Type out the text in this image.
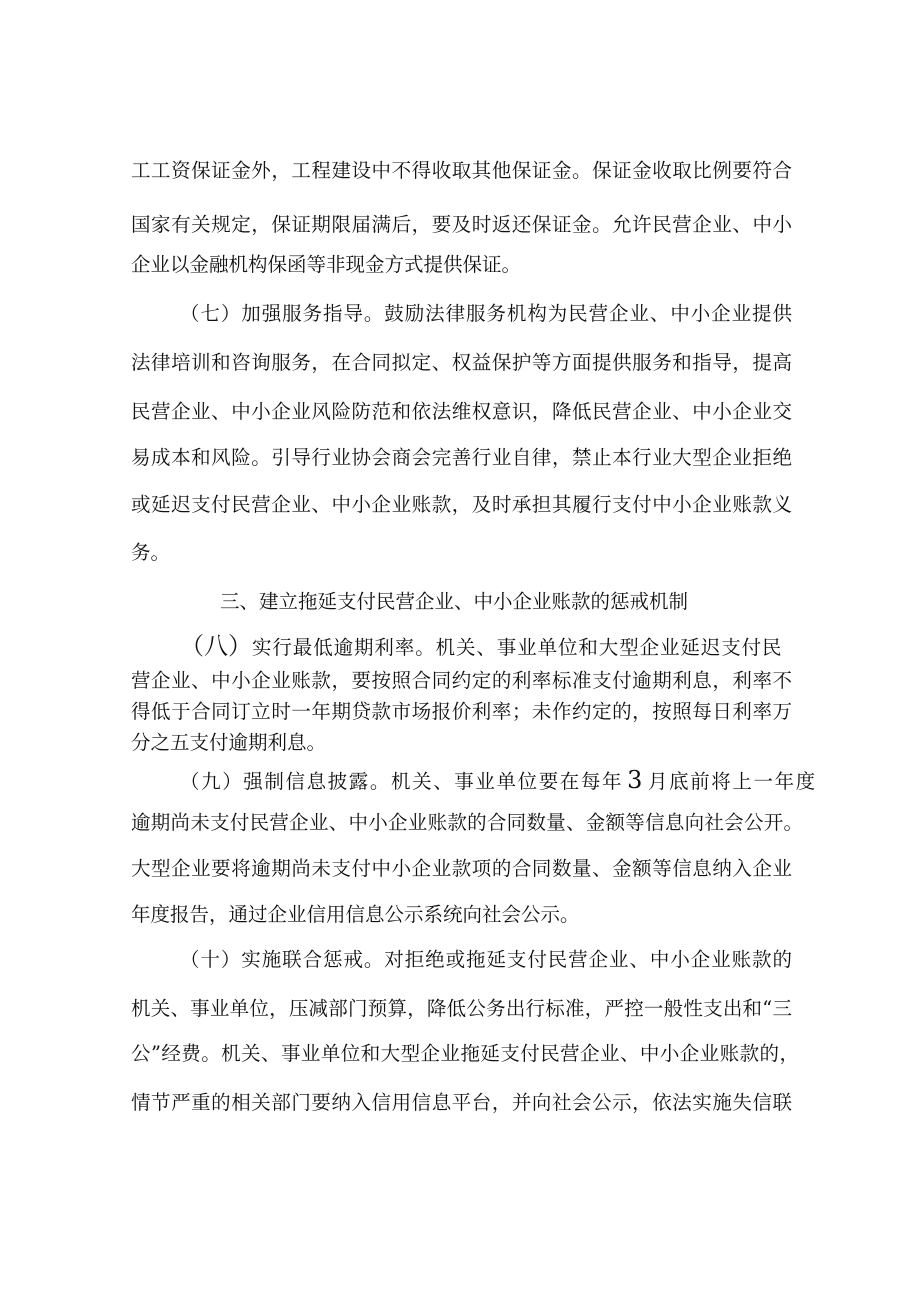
工工资保证金外，工程建设中不得收取其他保证金。保证金收取比例要符合
国家有关规定，保证期限届满后，要及时返还保证金。允许民营企业、中小
企业以金融机构保函等非现金方式提供保证。
（七）加强服务指导。鼓励法律服务机构为民营企业、中小企业提供
法律培训和咨询服务，在合同拟定、权益保护等方面提供服务和指导，提高
民营企业、中小企业风险防范和依法维权意识，降低民营企业、中小企业交
易成本和风险。引导行业协会商会完善行业自律，禁止本行业大型企业拒绝
或延迟支付民营企业、中小企业账款，及时承担其履行支付中小企业账款义
务。
三、建立拖延支付民营企业、中小企业账款的惩戒机制
（八）实行最低逾期利率。机关、事业单位和大型企业延迟支付民
营企业、中小企业账款，要按照合同约定的利率标准支付逾期利息，利率不
得低于合同订立时一年期贷款市场报价利率；未作约定的，按照每日利率万
分之五支付逾期利息。
（九）强制信息披露。机关、事业单位要在每年 3 月底前将上一年度
逾期尚未支付民营企业、中小企业账款的合同数量、金额等信息向社会公开。
大型企业要将逾期尚未支付中小企业款项的合同数量、金额等信息纳入企业
年度报告，通过企业信用信息公示系统向社会公示。
（十）实施联合惩戒。对拒绝或拖延支付民营企业、中小企业账款的
机关、事业单位，压减部门预算，降低公务出行标准，严控一般性支出和“三
公”经费。机关、事业单位和大型企业拖延支付民营企业、中小企业账款的，
情节严重的相关部门要纳入信用信息平台，并向社会公示，依法实施失信联
